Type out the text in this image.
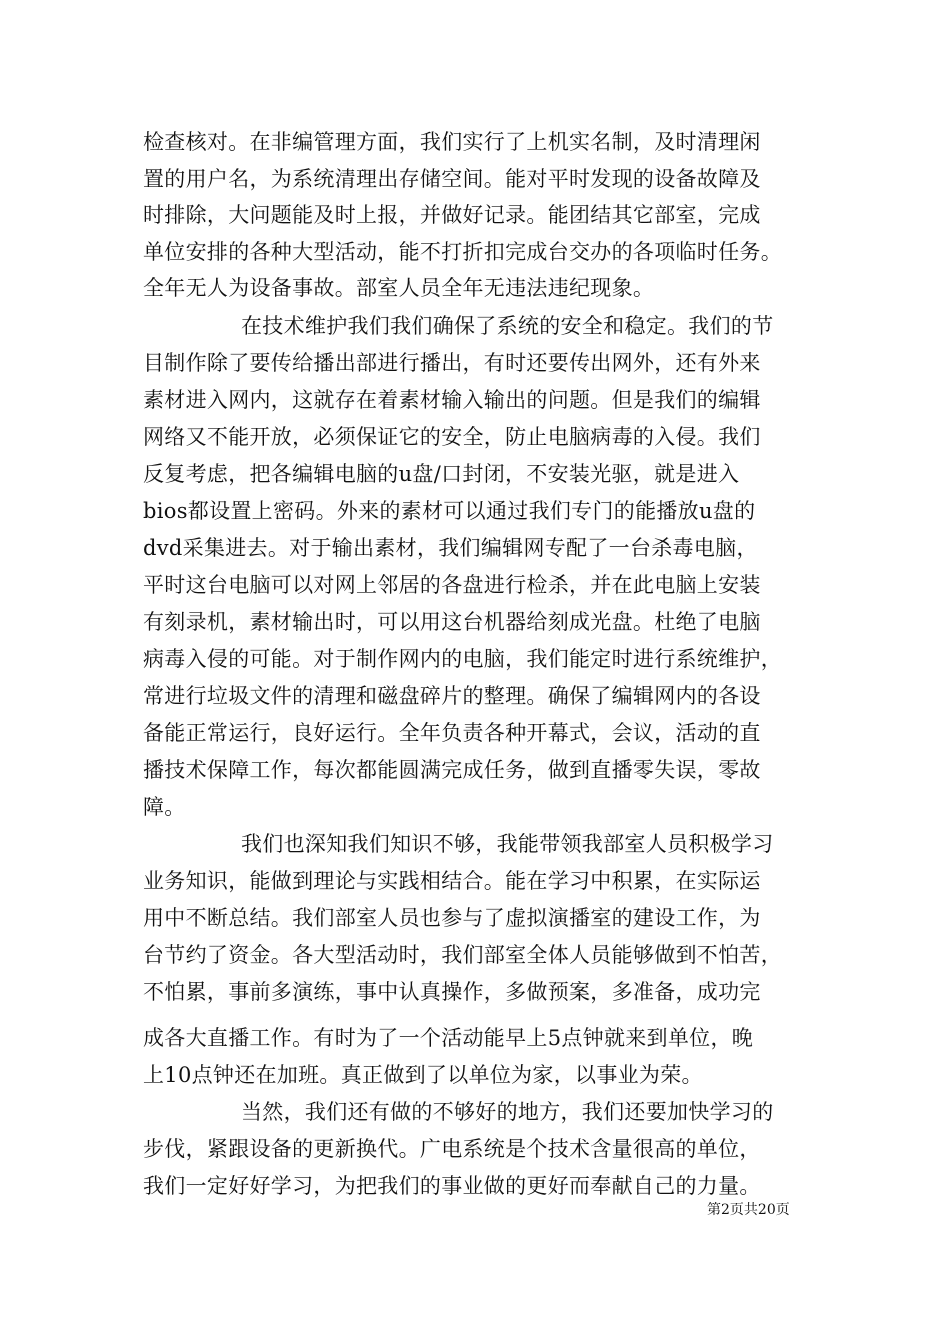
检查核对。在非编管理方面，我们实行了上机实名制，及时清理闲
置的用户名，为系统清理出存储空间。能对平时发现的设备故障及
时排除，大问题能及时上报，并做好记录。能团结其它部室，完成
单位安排的各种大型活动，能不打折扣完成台交办的各项临时任务。
全年无人为设备事故。部室人员全年无违法违纪现象。
在技术维护我们我们确保了系统的安全和稳定。我们的节
目制作除了要传给播出部进行播出，有时还要传出网外，还有外来
素材进入网内，这就存在着素材输入输出的问题。但是我们的编辑
网络又不能开放，必须保证它的安全，防止电脑病毒的入侵。我们
反复考虑，把各编辑电脑的u盘/口封闭，不安装光驱，就是进入
bios都设置上密码。外来的素材可以通过我们专门的能播放u盘的
dvd采集进去。对于输出素材，我们编辑网专配了一台杀毒电脑，
平时这台电脑可以对网上邻居的各盘进行检杀，并在此电脑上安装
有刻录机，素材输出时，可以用这台机器给刻成光盘。杜绝了电脑
病毒入侵的可能。对于制作网内的电脑，我们能定时进行系统维护，
常进行垃圾文件的清理和磁盘碎片的整理。确保了编辑网内的各设
备能正常运行，良好运行。全年负责各种开幕式，会议，活动的直
播技术保障工作，每次都能圆满完成任务，做到直播零失误，零故
障。
我们也深知我们知识不够，我能带领我部室人员积极学习
业务知识，能做到理论与实践相结合。能在学习中积累，在实际运
用中不断总结。我们部室人员也参与了虚拟演播室的建设工作，为
台节约了资金。各大型活动时，我们部室全体人员能够做到不怕苦，
不怕累，事前多演练，事中认真操作，多做预案，多准备，成功完
成各大直播工作。有时为了一个活动能早上5点钟就来到单位，晚
上10点钟还在加班。真正做到了以单位为家，以事业为荣。
当然，我们还有做的不够好的地方，我们还要加快学习的
步伐，紧跟设备的更新换代。广电系统是个技术含量很高的单位，
我们一定好好学习，为把我们的事业做的更好而奉献自己的力量。
第2页共20页
